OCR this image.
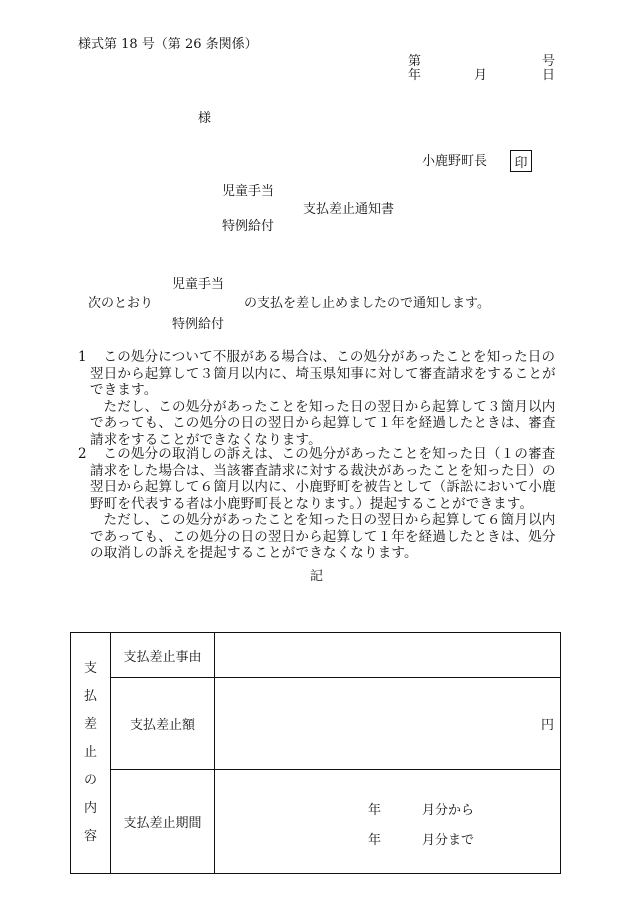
様式第 18 号（第 26 条関係）
第	号
年	月	日
様
小鹿野町長 印
児童手当
支払差止通知書
特例給付
児童手当
次のとおり	の支払を差し止めましたので通知します。
特例給付
1	この処分について不服がある場合は、この処分があったことを知った日の翌日から起算して３箇月以内に、埼玉県知事に対して審査請求をすることができます。

ただし、この処分があったことを知った日の翌日から起算して３箇月以内であっても、この処分の日の翌日から起算して１年を経過したときは、審査請求をすることができなくなります。

2	この処分の取消しの訴えは、この処分があったことを知った日（１の審査請求をした場合は、当該審査請求に対する裁決があったことを知った日）の翌日から起算して６箇月以内に、小鹿野町を被告として（訴訟において小鹿野町を代表する者は小鹿野町長となります。）提起することができます。

ただし、この処分があったことを知った日の翌日から起算して６箇月以内であっても、この処分の日の翌日から起算して１年を経過したときは、処分の取消しの訴えを提起することができなくなります。

記
支払差止の内容	支払差止事由	
	支払差止額	円
	支払差止期間	年 月分から
年 月分まで
